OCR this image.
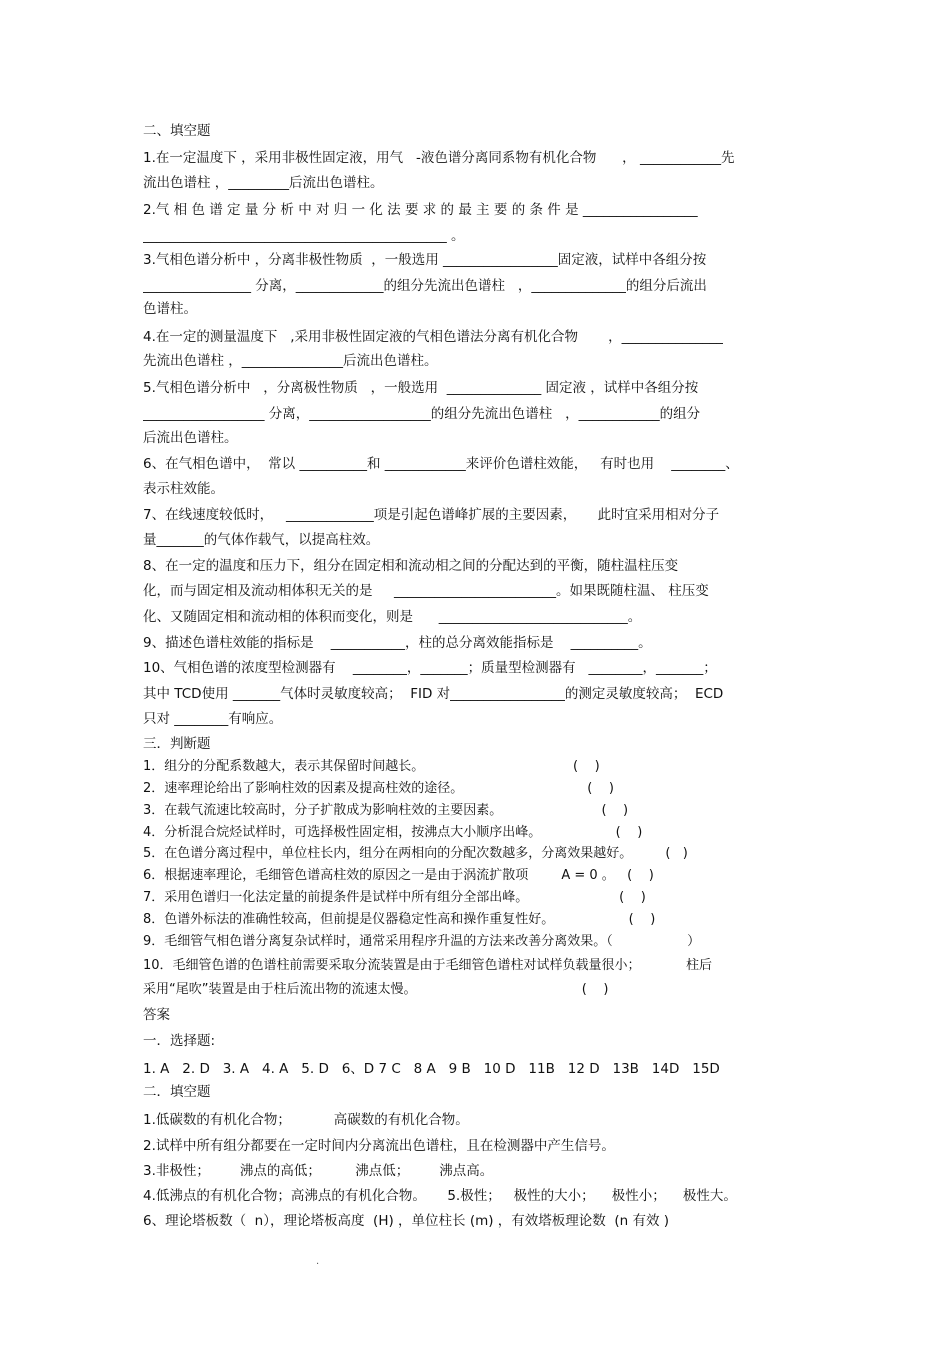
二、填空题
1.在一定温度下 ，采用非极性固定液，用气   -液色谱分离同系物有机化合物      ， ____________先
流出色谱柱 ，_________后流出色谱柱。
2.气 相 色 谱 定 量 分 析 中 对 归 一 化 法 要 求 的 最 主 要 的 条 件 是 _________________
_____________________________________________ 。
3.气相色谱分析中 ，分离非极性物质  ，一般选用 _________________固定液，试样中各组分按
________________ 分离，_____________的组分先流出色谱柱   ，______________的组分后流出
色谱柱。
4.在一定的测量温度下   ,采用非极性固定液的气相色谱法分离有机化合物       ，_______________
先流出色谱柱 ，_______________后流出色谱柱。
5.气相色谱分析中   ，分离极性物质   ，一般选用  ______________ 固定液 ，试样中各组分按
__________________ 分离，__________________的组分先流出色谱柱   ，____________的组分
后流出色谱柱。
6、在气相色谱中，  常以 __________和 ____________来评价色谱柱效能，   有时也用    ________、
表示柱效能。
7、在线速度较低时，   _____________项是引起色谱峰扩展的主要因素，     此时宜采用相对分子
量_______的气体作载气，以提高柱效。
8、在一定的温度和压力下，组分在固定相和流动相之间的分配达到的平衡，随柱温柱压变
化，而与固定相及流动相体积无关的是     ________________________。如果既随柱温、 柱压变
化、又随固定相和流动相的体积而变化，则是      ____________________________。
9、描述色谱柱效能的指标是    ___________，柱的总分离效能指标是    __________。
10、气相色谱的浓度型检测器有    ________，_______；质量型检测器有   ________，_______；
其中 TCD使用 _______气体时灵敏度较高；  FID 对_________________的测定灵敏度较高；  ECD
只对 ________有响应。
三．判断题
1．组分的分配系数越大，表示其保留时间越长。                                    (    )
2．速率理论给出了影响柱效的因素及提高柱效的途径。                              (    )
3．在载气流速比较高时，分子扩散成为影响柱效的主要因素。                        (    )
4．分析混合烷烃试样时，可选择极性固定相，按沸点大小顺序出峰。                  (    )
5．在色谱分离过程中，单位柱长内，组分在两相向的分配次数越多，分离效果越好。        (   )
6．根据速率理论，毛细管色谱高柱效的原因之一是由于涡流扩散项        A = 0 。   (    )
7．采用色谱归一化法定量的前提条件是试样中所有组分全部出峰。                      (    )
8．色谱外标法的准确性较高，但前提是仪器稳定性高和操作重复性好。                  (    )
9．毛细管气相色谱分离复杂试样时，通常采用程序升温的方法来改善分离效果。（                  ）
10．毛细管色谱的色谱柱前需要采取分流装置是由于毛细管色谱柱对试样负载量很小；           柱后
采用“尾吹”装置是由于柱后流出物的流速太慢。                                        (    )
答案
一．选择题:
1. A   2. D   3. A   4. A   5. D   6、D 7 C   8 A   9 B   10 D   11B   12 D   13B   14D   15D
二．填空题
1.低碳数的有机化合物；          高碳数的有机化合物。
2.试样中所有组分都要在一定时间内分离流出色谱柱，且在检测器中产生信号。
3.非极性；       沸点的高低；        沸点低；       沸点高。
4.低沸点的有机化合物；高沸点的有机化合物。     5.极性；   极性的大小；    极性小；    极性大。
6、理论塔板数（  n），理论塔板高度  (H) ，单位柱长 (m) ，有效塔板理论数  (n 有效 )
.
